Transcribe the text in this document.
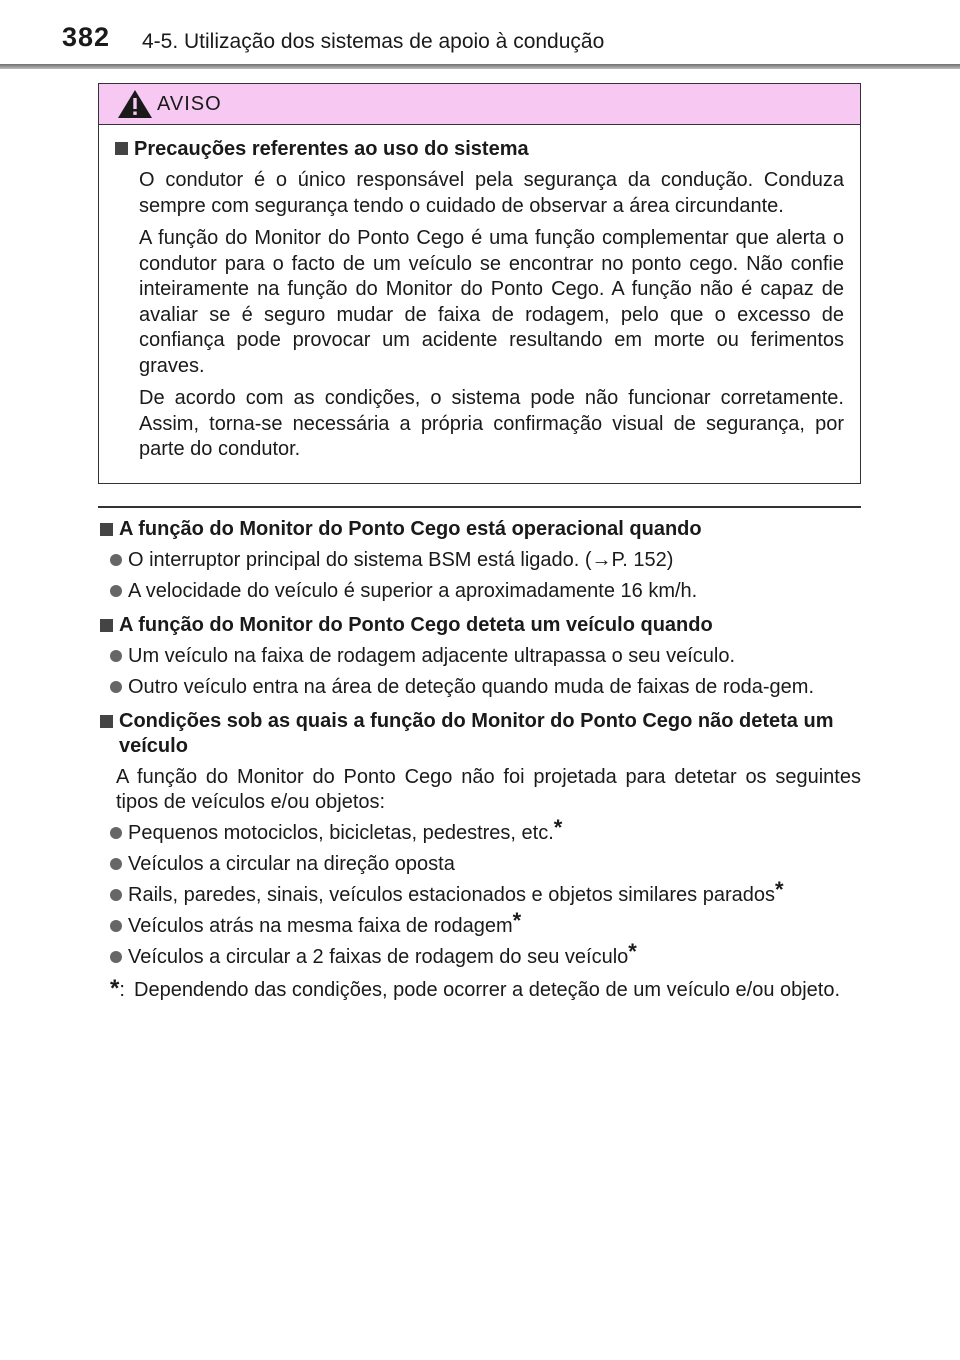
382 4-5. Utilização dos sistemas de apoio à condução
AVISO
Precauções referentes ao uso do sistema

O condutor é o único responsável pela segurança da condução. Conduza sempre com segurança tendo o cuidado de observar a área circundante.

A função do Monitor do Ponto Cego é uma função complementar que alerta o condutor para o facto de um veículo se encontrar no ponto cego. Não confie inteiramente na função do Monitor do Ponto Cego. A função não é capaz de avaliar se é seguro mudar de faixa de rodagem, pelo que o excesso de confiança pode provocar um acidente resultando em morte ou ferimentos graves.

De acordo com as condições, o sistema pode não funcionar corretamente. Assim, torna-se necessária a própria confirmação visual de segurança, por parte do condutor.

A função do Monitor do Ponto Cego está operacional quando
O interruptor principal do sistema BSM está ligado. (→P. 152)
A velocidade do veículo é superior a aproximadamente 16 km/h.
A função do Monitor do Ponto Cego deteta um veículo quando
Um veículo na faixa de rodagem adjacente ultrapassa o seu veículo.
Outro veículo entra na área de deteção quando muda de faixas de roda-gem.
Condições sob as quais a função do Monitor do Ponto Cego não deteta um veículo

A função do Monitor do Ponto Cego não foi projetada para detetar os seguintes tipos de veículos e/ou objetos:

Pequenos motociclos, bicicletas, pedestres, etc.*
Veículos a circular na direção oposta
Rails, paredes, sinais, veículos estacionados e objetos similares parados*
Veículos atrás na mesma faixa de rodagem*
Veículos a circular a 2 faixas de rodagem do seu veículo*
*: Dependendo das condições, pode ocorrer a deteção de um veículo e/ou objeto.
